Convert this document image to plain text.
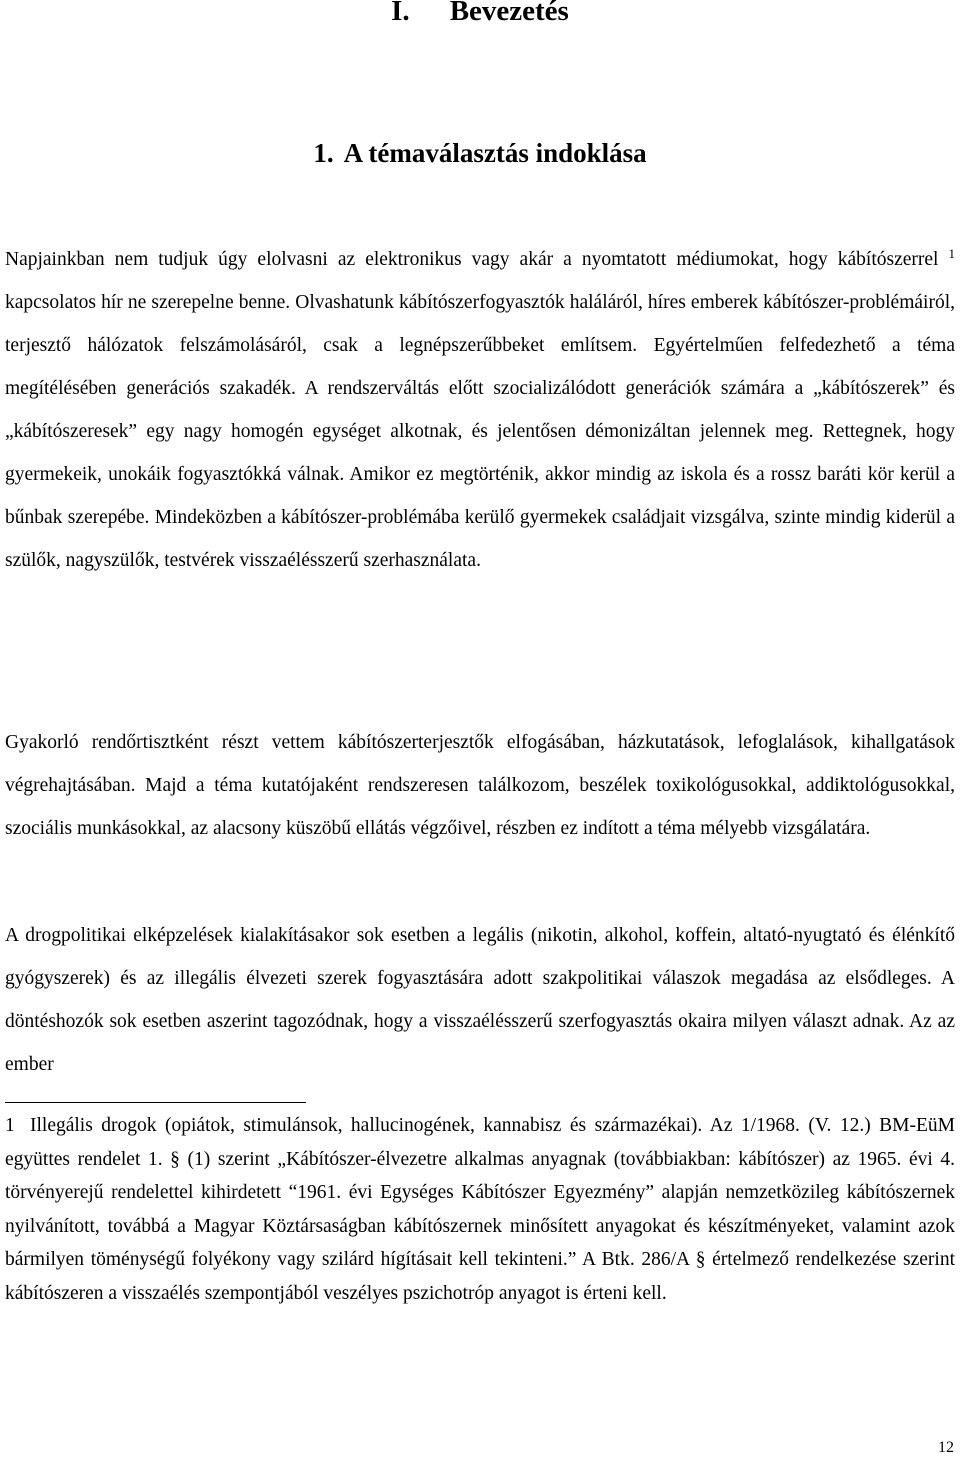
I. Bevezetés
1. A témaválasztás indoklása

Napjainkban nem tudjuk úgy elolvasni az elektronikus vagy akár a nyomtatott médiumokat, hogy kábítószerrel $^1$ kapcsolatos hír ne szerepelne benne. Olvashatunk kábítószerfogyasztók haláláról, híres emberek kábítószer-problémáiról, terjesztő hálózatok felszámolásáról, csak a legnépszerűbbeket említsem. Egyértelműen felfedezhető a téma megítélésében generációs szakadék. A rendszerváltás előtt szocializálódott generációk számára a „kábítószerek” és „kábítószeresek” egy nagy homogén egységet alkotnak, és jelentősen démonizáltan jelennek meg. Rettegnek, hogy gyermekeik, unokáik fogyasztókká válnak. Amikor ez megtörténik, akkor mindig az iskola és a rossz baráti kör kerül a bűnbak szerepébe. Mindeközben a kábítószer-problémába kerülő gyermekek családjait vizsgálva, szinte mindig kiderül a szülők, nagyszülők, testvérek visszaélésszerű szerhasználata.

Gyakorló rendőrtisztként részt vettem kábítószerterjesztők elfogásában, házkutatások, lefoglalások, kihallgatások végrehajtásában. Majd a téma kutatójaként rendszeresen találkozom, beszélek toxikológusokkal, addiktológusokkal, szociális munkásokkal, az alacsony küszöbű ellátás végzőivel, részben ez indított a téma mélyebb vizsgálatára.

A drogpolitikai elképzelések kialakításakor sok esetben a legális (nikotin, alkohol, koffein, altató-nyugtató és élénkítő gyógyszerek) és az illegális élvezeti szerek fogyasztására adott szakpolitikai válaszok megadása az elsődleges. A döntéshozók sok esetben aszerint tagozódnak, hogy a visszaélésszerű szerfogyasztás okaira milyen választ adnak. Az az ember

1 Illegális drogok (opiátok, stimulánsok, hallucinogének, kannabisz és származékai). Az 1/1968. (V. 12.) BM-EüM együttes rendelet 1. § (1) szerint „Kábítószer-élvezetre alkalmas anyagnak (továbbiakban: kábítószer) az 1965. évi 4. törvényerejű rendelettel kihirdetett “1961. évi Egységes Kábítószer Egyezmény” alapján nemzetközileg kábítószernek nyilvánított, továbbá a Magyar Köztársaságban kábítószernek minősített anyagokat és készítményeket, valamint azok bármilyen töménységű folyékony vagy szilárd hígításait kell tekinteni.” A Btk. 286/A § értelmező rendelkezése szerint kábítószeren a visszaélés szempontjából veszélyes pszichotróp anyagot is érteni kell.

12
